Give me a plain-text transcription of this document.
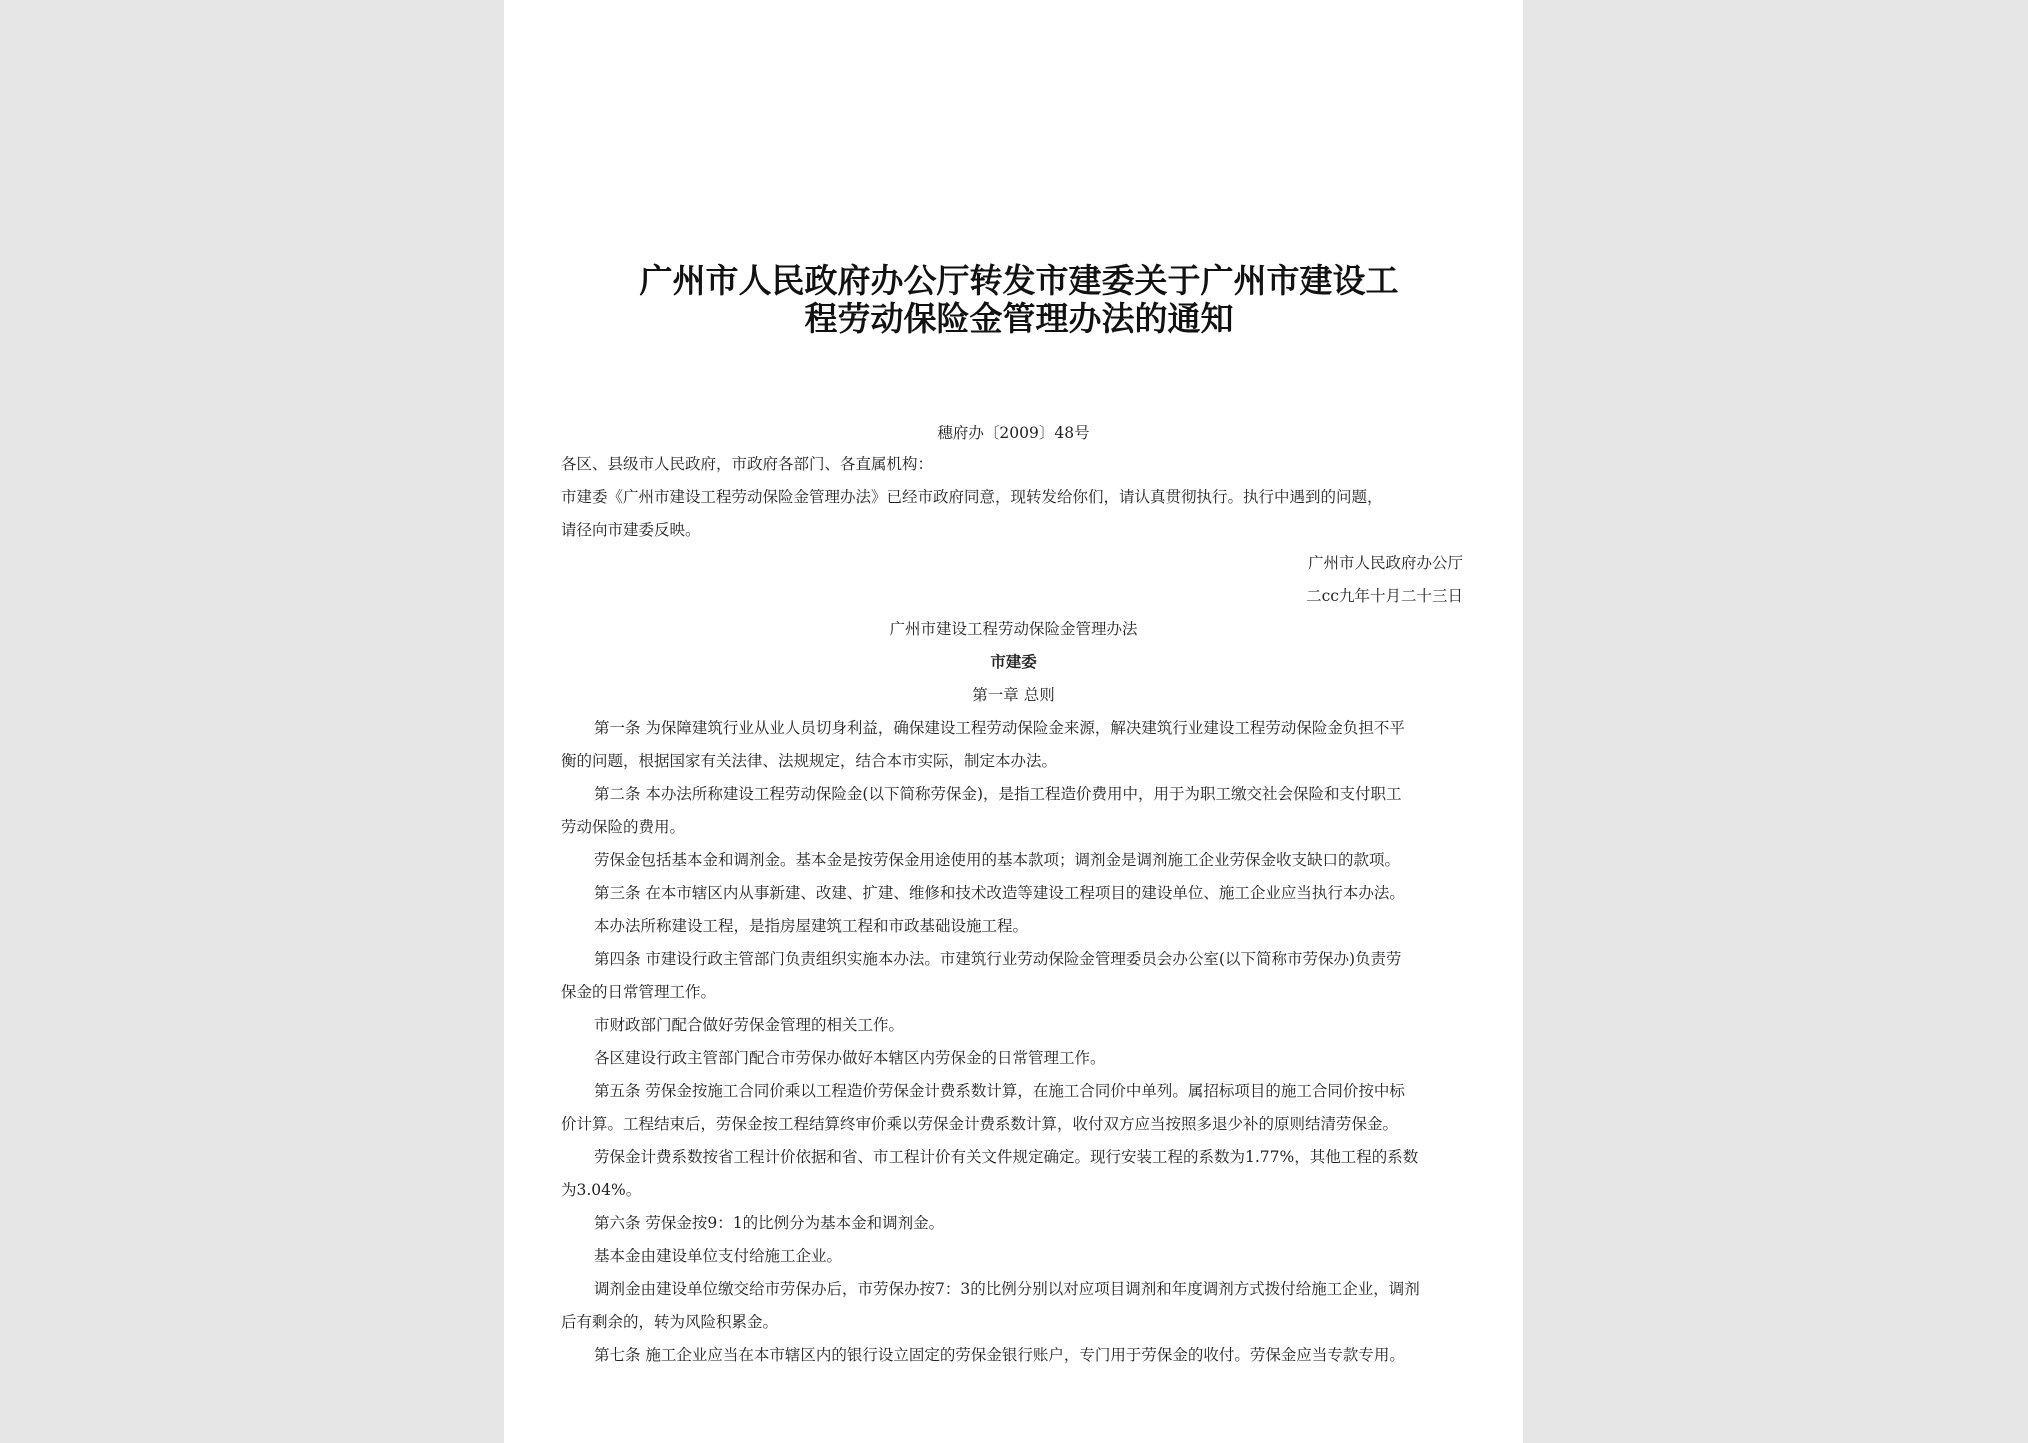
广州市人民政府办公厅转发市建委关于广州市建设工
程劳动保险金管理办法的通知
穗府办〔2009〕48号
各区、县级市人民政府，市政府各部门、各直属机构：
市建委《广州市建设工程劳动保险金管理办法》已经市政府同意，现转发给你们，请认真贯彻执行。执行中遇到的问题，
请径向市建委反映。
广州市人民政府办公厅
二cc九年十月二十三日
广州市建设工程劳动保险金管理办法
市建委
第一章 总则
第一条 为保障建筑行业从业人员切身利益，确保建设工程劳动保险金来源，解决建筑行业建设工程劳动保险金负担不平
衡的问题，根据国家有关法律、法规规定，结合本市实际，制定本办法。
第二条 本办法所称建设工程劳动保险金(以下简称劳保金)，是指工程造价费用中，用于为职工缴交社会保险和支付职工
劳动保险的费用。
劳保金包括基本金和调剂金。基本金是按劳保金用途使用的基本款项；调剂金是调剂施工企业劳保金收支缺口的款项。
第三条 在本市辖区内从事新建、改建、扩建、维修和技术改造等建设工程项目的建设单位、施工企业应当执行本办法。
本办法所称建设工程，是指房屋建筑工程和市政基础设施工程。
第四条 市建设行政主管部门负责组织实施本办法。市建筑行业劳动保险金管理委员会办公室(以下简称市劳保办)负责劳
保金的日常管理工作。
市财政部门配合做好劳保金管理的相关工作。
各区建设行政主管部门配合市劳保办做好本辖区内劳保金的日常管理工作。
第五条 劳保金按施工合同价乘以工程造价劳保金计费系数计算，在施工合同价中单列。属招标项目的施工合同价按中标
价计算。工程结束后，劳保金按工程结算终审价乘以劳保金计费系数计算，收付双方应当按照多退少补的原则结清劳保金。
劳保金计费系数按省工程计价依据和省、市工程计价有关文件规定确定。现行安装工程的系数为1.77%，其他工程的系数
为3.04%。
第六条 劳保金按9：1的比例分为基本金和调剂金。
基本金由建设单位支付给施工企业。
调剂金由建设单位缴交给市劳保办后，市劳保办按7：3的比例分别以对应项目调剂和年度调剂方式拨付给施工企业，调剂
后有剩余的，转为风险积累金。
第七条 施工企业应当在本市辖区内的银行设立固定的劳保金银行账户，专门用于劳保金的收付。劳保金应当专款专用。
